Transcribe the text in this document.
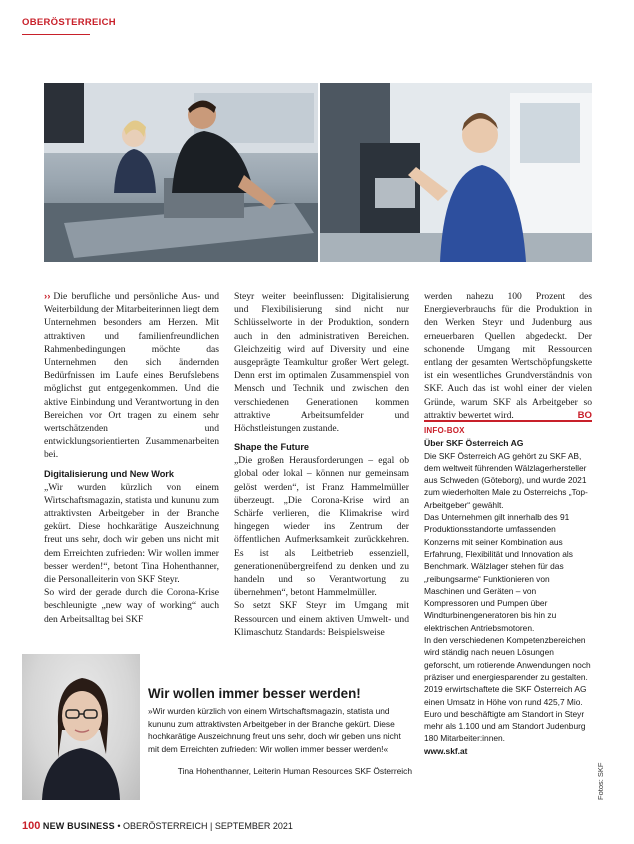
OBERÖSTERREICH

›› Die berufliche und persönliche Aus- und Weiterbildung der Mitarbeiterinnen liegt dem Unternehmen besonders am Herzen. Mit attraktiven und familienfreundlichen Rahmenbedingungen möchte das Unternehmen den sich ändernden Bedürfnissen im Laufe eines Berufslebens möglichst gut entgegenkommen. Und die aktive Einbindung und Verantwortung in den Bereichen vor Ort tragen zu einem sehr wertschätzenden und entwicklungsorientierten Zusammenarbeiten bei.

Digitalisierung und New Work

„Wir wurden kürzlich von einem Wirtschaftsmagazin, statista und kununu zum attraktivsten Arbeitgeber in der Branche gekürt. Diese hochkarätige Auszeichnung freut uns sehr, doch wir geben uns nicht mit dem Erreichten zufrieden: Wir wollen immer besser werden!“, betont Tina Hohenthanner, die Personalleiterin von SKF Steyr.

So wird der gerade durch die Corona-Krise beschleunigte „new way of working“ auch den Arbeitsalltag bei SKF

Steyr weiter beeinflussen: Digitalisierung und Flexibilisierung sind nicht nur Schlüsselworte in der Produktion, sondern auch in den administrativen Bereichen. Gleichzeitig wird auf Diversity und eine ausgeprägte Teamkultur großer Wert gelegt. Denn erst im optimalen Zusammenspiel von Mensch und Technik und zwischen den verschiedenen Generationen kommen attraktive Arbeitsumfelder und Höchstleistungen zustande.

Shape the Future

„Die großen Herausforderungen – egal ob global oder lokal – können nur gemeinsam gelöst werden“, ist Franz Hammelmüller überzeugt. „Die Corona-Krise wird an Schärfe verlieren, die Klimakrise wird hingegen wieder ins Zentrum der öffentlichen Aufmerksamkeit zurückkehren. Es ist als Leitbetrieb essenziell, generationenübergreifend zu denken und zu handeln und so Verantwortung zu übernehmen“, betont Hammelmüller.

So setzt SKF Steyr im Umgang mit Ressourcen und einem aktiven Umwelt- und Klimaschutz Standards: Beispielsweise

werden nahezu 100 Prozent des Energieverbrauchs für die Produktion in den Werken Steyr und Judenburg aus erneuerbaren Quellen abgedeckt. Der schonende Umgang mit Ressourcen entlang der gesamten Wertschöpfungskette ist ein wesentliches Grundverständnis von SKF. Auch das ist wohl einer der vielen Gründe, warum SKF als Arbeitgeber so attraktiv bewertet wird.	BO

INFO-BOX
Über SKF Österreich AG

Die SKF Österreich AG gehört zu SKF AB, dem weltweit führenden Wälzlagerhersteller aus Schweden (Göteborg), und wurde 2021 zum wiederholten Male zu Österreichs „Top-Arbeitgeber“ gewählt.

Das Unternehmen gilt innerhalb des 91 Produktionsstandorte umfassenden Konzerns mit seiner Kombination aus Erfahrung, Flexibilität und Innovation als Benchmark. Wälzlager stehen für das „reibungsarme“ Funktionieren von Maschinen und Geräten – von Kompressoren und Pumpen über Windturbinengeneratoren bis hin zu elektrischen Antriebsmotoren.

In den verschiedenen Kompetenzbereichen wird ständig nach neuen Lösungen geforscht, um rotierende Anwendungen noch präziser und energiesparender zu gestalten.

2019 erwirtschaftete die SKF Österreich AG einen Umsatz in Höhe von rund 425,7 Mio. Euro und beschäftigte am Standort in Steyr mehr als 1.100 und am Standort Judenburg 180 Mitarbeiter:innen.

www.skf.at
Wir wollen immer besser werden!
»Wir wurden kürzlich von einem Wirtschaftsmagazin, statista und kununu zum attraktivsten Arbeitgeber in der Branche gekürt. Diese hochkarätige Auszeichnung freut uns sehr, doch wir geben uns nicht mit dem Erreichten zufrieden: Wir wollen immer besser werden!«
Tina Hohenthanner, Leiterin Human Resources SKF Österreich	Fotos: SKF
100 NEW BUSINESS • OBERÖSTERREICH | SEPTEMBER 2021
